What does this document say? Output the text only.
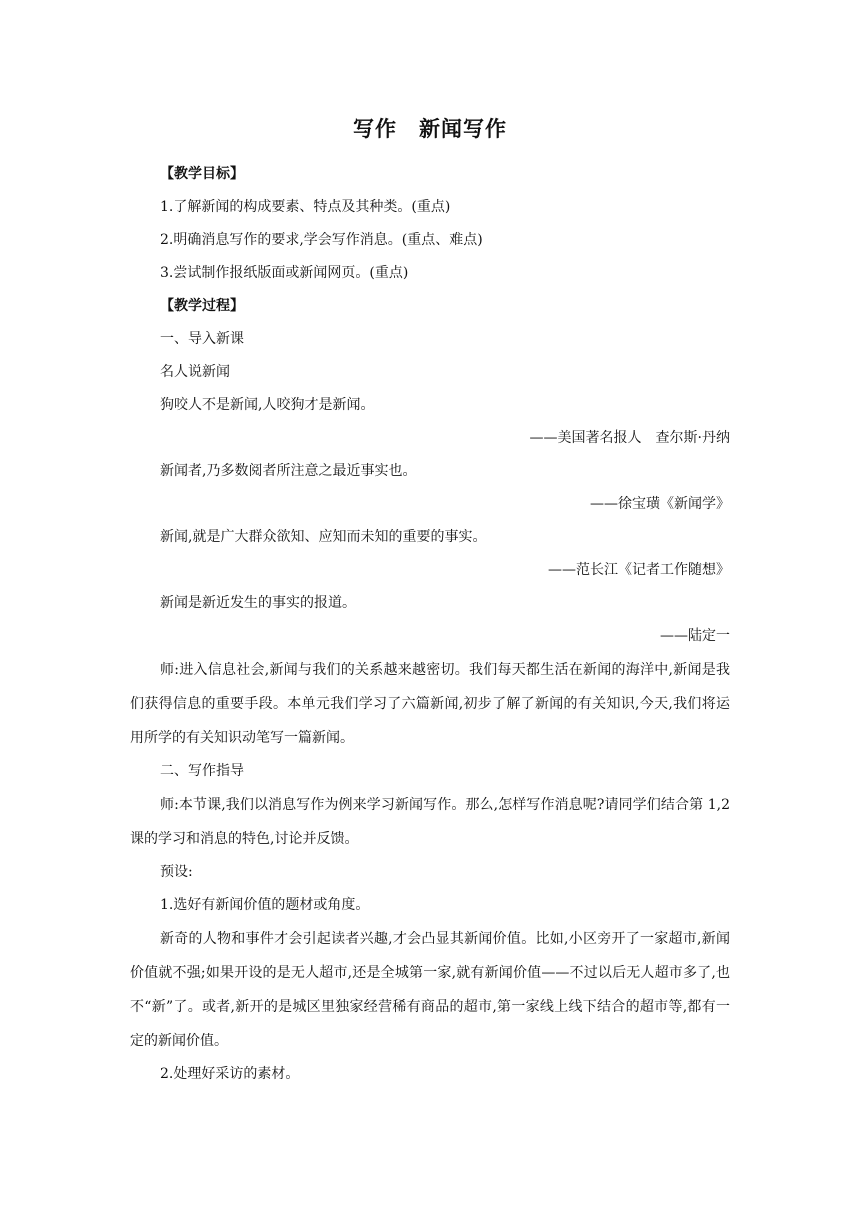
写作　新闻写作
【教学目标】
1.了解新闻的构成要素、特点及其种类。(重点)
2.明确消息写作的要求,学会写作消息。(重点、难点)
3.尝试制作报纸版面或新闻网页。(重点)
【教学过程】
一、导入新课
名人说新闻
狗咬人不是新闻,人咬狗才是新闻。
——美国著名报人　查尔斯·丹纳
新闻者,乃多数阅者所注意之最近事实也。
——徐宝璜《新闻学》
新闻,就是广大群众欲知、应知而未知的重要的事实。
——范长江《记者工作随想》
新闻是新近发生的事实的报道。
——陆定一

师:进入信息社会,新闻与我们的关系越来越密切。我们每天都生活在新闻的海洋中,新闻是我们获得信息的重要手段。本单元我们学习了六篇新闻,初步了解了新闻的有关知识,今天,我们将运用所学的有关知识动笔写一篇新闻。

二、写作指导

师:本节课,我们以消息写作为例来学习新闻写作。那么,怎样写作消息呢?请同学们结合第 1,2 课的学习和消息的特色,讨论并反馈。

预设:
1.选好有新闻价值的题材或角度。

新奇的人物和事件才会引起读者兴趣,才会凸显其新闻价值。比如,小区旁开了一家超市,新闻价值就不强;如果开设的是无人超市,还是全城第一家,就有新闻价值——不过以后无人超市多了,也不“新”了。或者,新开的是城区里独家经营稀有商品的超市,第一家线上线下结合的超市等,都有一定的新闻价值。

2.处理好采访的素材。
